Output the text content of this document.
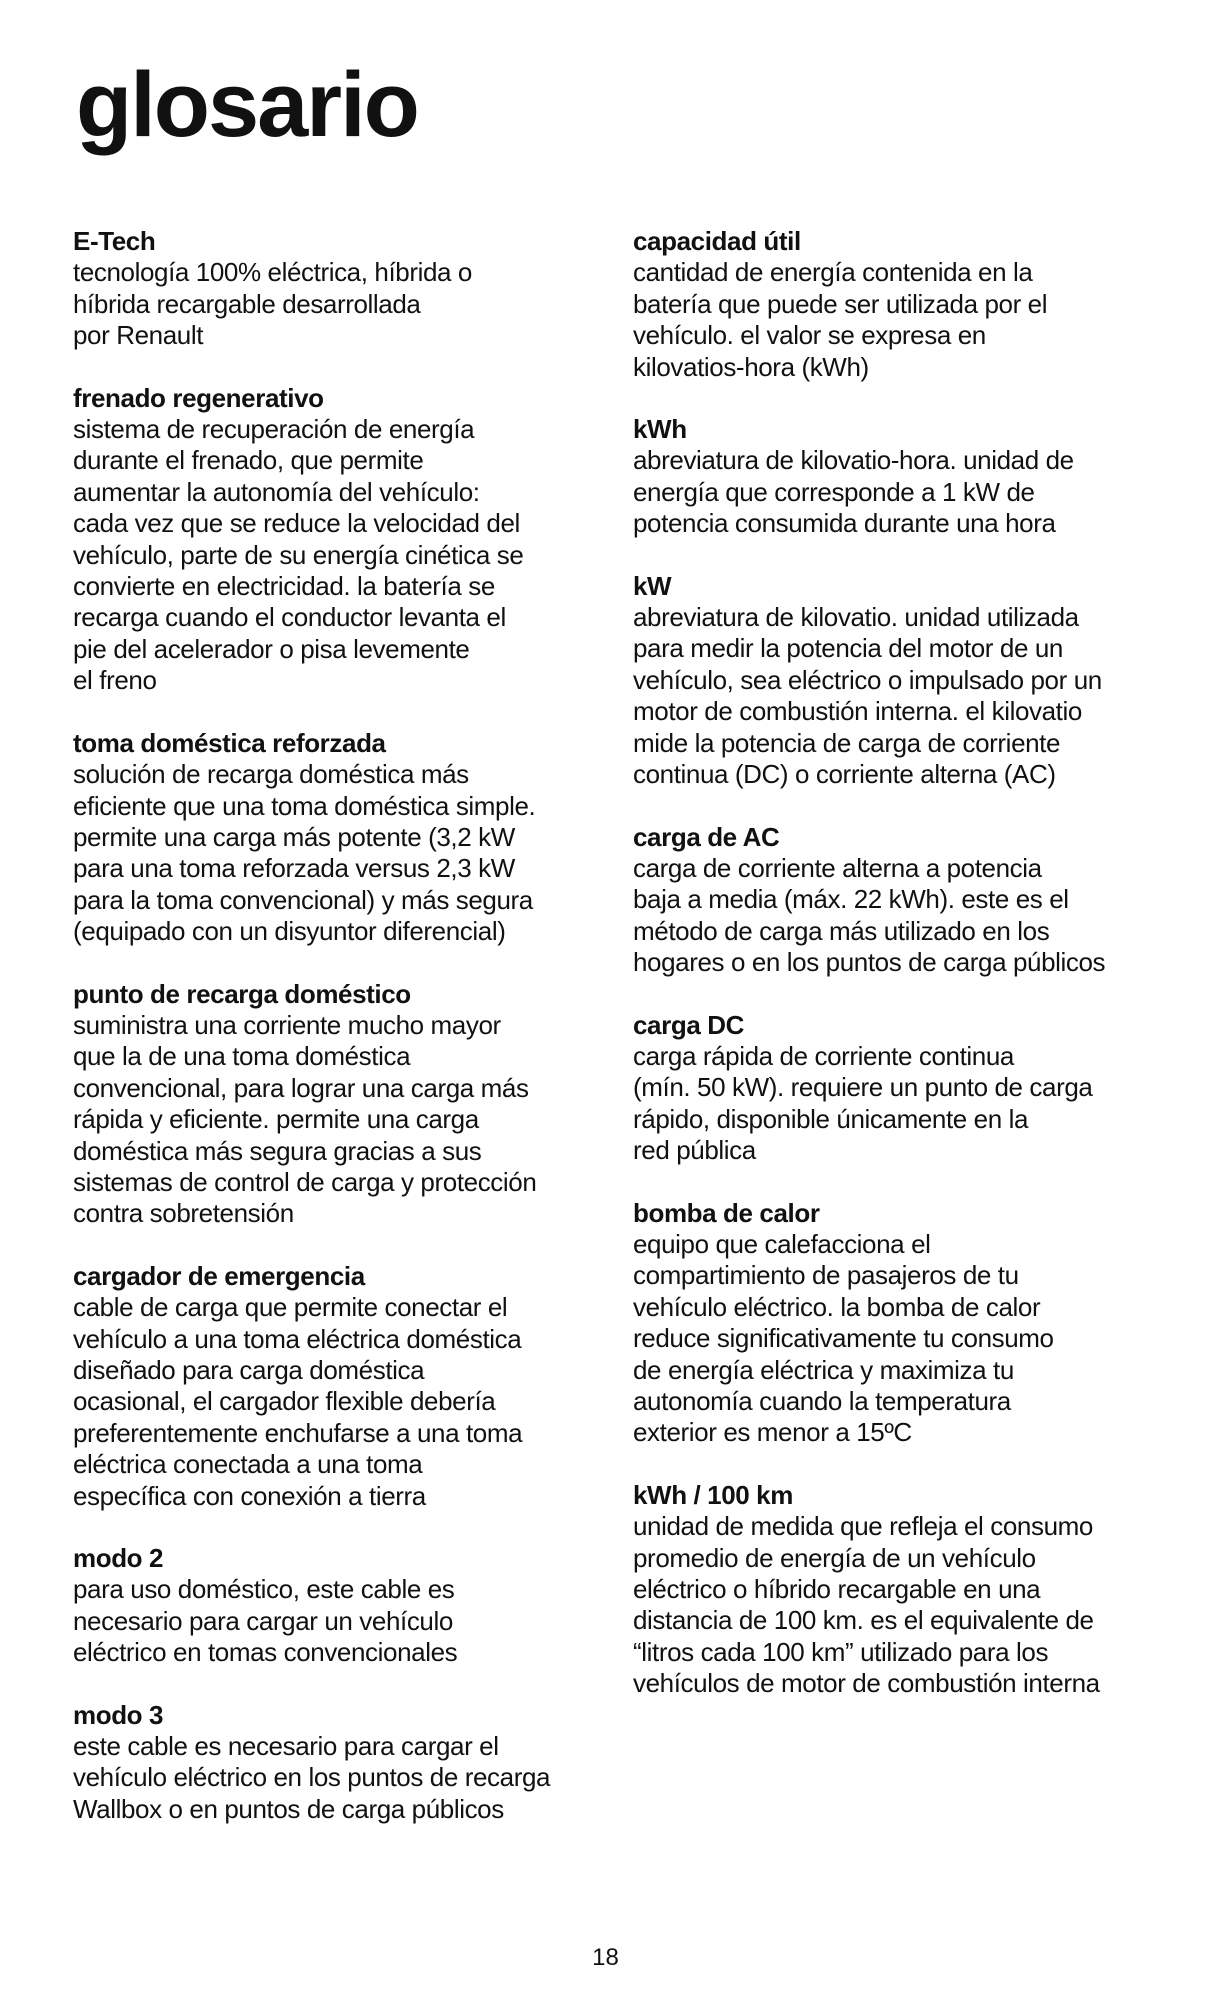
glosario

E-Tech

tecnología 100% eléctrica, híbrida o
híbrida recargable desarrollada
por Renault

frenado regenerativo

sistema de recuperación de energía
durante el frenado, que permite
aumentar la autonomía del vehículo:
cada vez que se reduce la velocidad del
vehículo, parte de su energía cinética se
convierte en electricidad. la batería se
recarga cuando el conductor levanta el
pie del acelerador o pisa levemente
el freno

toma doméstica reforzada

solución de recarga doméstica más
eficiente que una toma doméstica simple.
permite una carga más potente (3,2 kW
para una toma reforzada versus 2,3 kW
para la toma convencional) y más segura
(equipado con un disyuntor diferencial)

punto de recarga doméstico

suministra una corriente mucho mayor
que la de una toma doméstica
convencional, para lograr una carga más
rápida y eficiente. permite una carga
doméstica más segura gracias a sus
sistemas de control de carga y protección
contra sobretensión

cargador de emergencia

cable de carga que permite conectar el
vehículo a una toma eléctrica doméstica
diseñado para carga doméstica
ocasional, el cargador flexible debería
preferentemente enchufarse a una toma
eléctrica conectada a una toma
específica con conexión a tierra

modo 2

para uso doméstico, este cable es
necesario para cargar un vehículo
eléctrico en tomas convencionales

modo 3

este cable es necesario para cargar el
vehículo eléctrico en los puntos de recarga
Wallbox o en puntos de carga públicos

capacidad útil

cantidad de energía contenida en la
batería que puede ser utilizada por el
vehículo. el valor se expresa en
kilovatios-hora (kWh)

kWh

abreviatura de kilovatio-hora. unidad de
energía que corresponde a 1 kW de
potencia consumida durante una hora

kW

abreviatura de kilovatio. unidad utilizada
para medir la potencia del motor de un
vehículo, sea eléctrico o impulsado por un
motor de combustión interna. el kilovatio
mide la potencia de carga de corriente
continua (DC) o corriente alterna (AC)

carga de AC

carga de corriente alterna a potencia
baja a media (máx. 22 kWh). este es el
método de carga más utilizado en los
hogares o en los puntos de carga públicos

carga DC

carga rápida de corriente continua
(mín. 50 kW). requiere un punto de carga
rápido, disponible únicamente en la
red pública

bomba de calor

equipo que calefacciona el
compartimiento de pasajeros de tu
vehículo eléctrico. la bomba de calor
reduce significativamente tu consumo
de energía eléctrica y maximiza tu
autonomía cuando la temperatura
exterior es menor a 15ºC

kWh / 100 km

unidad de medida que refleja el consumo
promedio de energía de un vehículo
eléctrico o híbrido recargable en una
distancia de 100 km. es el equivalente de
“litros cada 100 km” utilizado para los
vehículos de motor de combustión interna

18
